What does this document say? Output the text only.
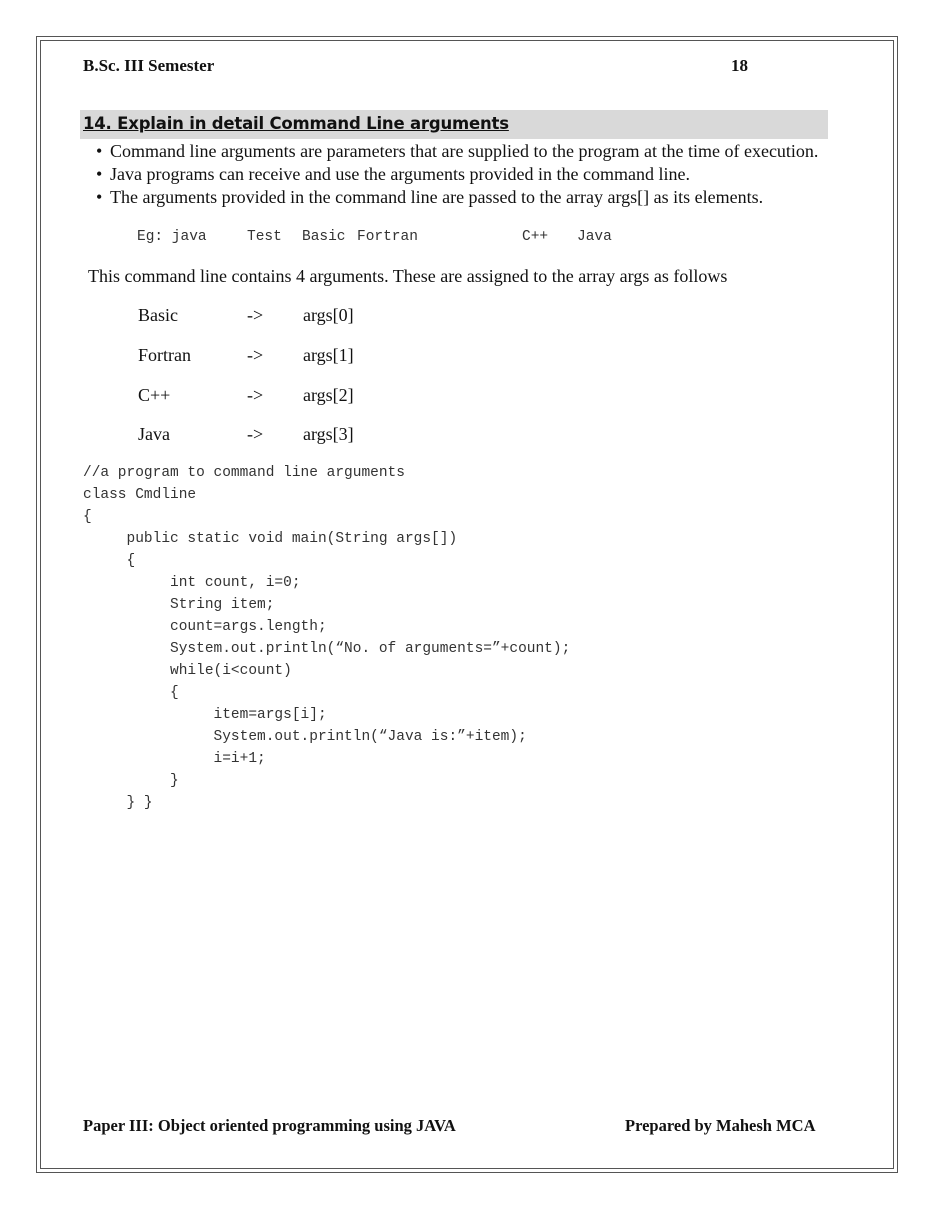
B.Sc. III Semester	18
14. Explain in detail Command Line arguments
• Command line arguments are parameters that are supplied to the program at the time of execution.
• Java programs can receive and use the arguments provided in the command line.
• The arguments provided in the command line are passed to the array args[] as its elements.
Eg: java	Test Basic Fortran	C++ Java
This command line contains 4 arguments. These are assigned to the array args as follows
Basic	-> args[0]
Fortran	-> args[1]
C++	-> args[2]
Java	-> args[3]
//a program to command line arguments
class Cmdline
{
public static void main(String args[])
{
int count, i=0;
String item;
count=args.length;
System.out.println(“No. of arguments=”+count);
while(i<count)
{
item=args[i];
System.out.println(“Java is:”+item);
i=i+1;
}
} }
Paper III: Object oriented programming using JAVA	Prepared by Mahesh MCA
